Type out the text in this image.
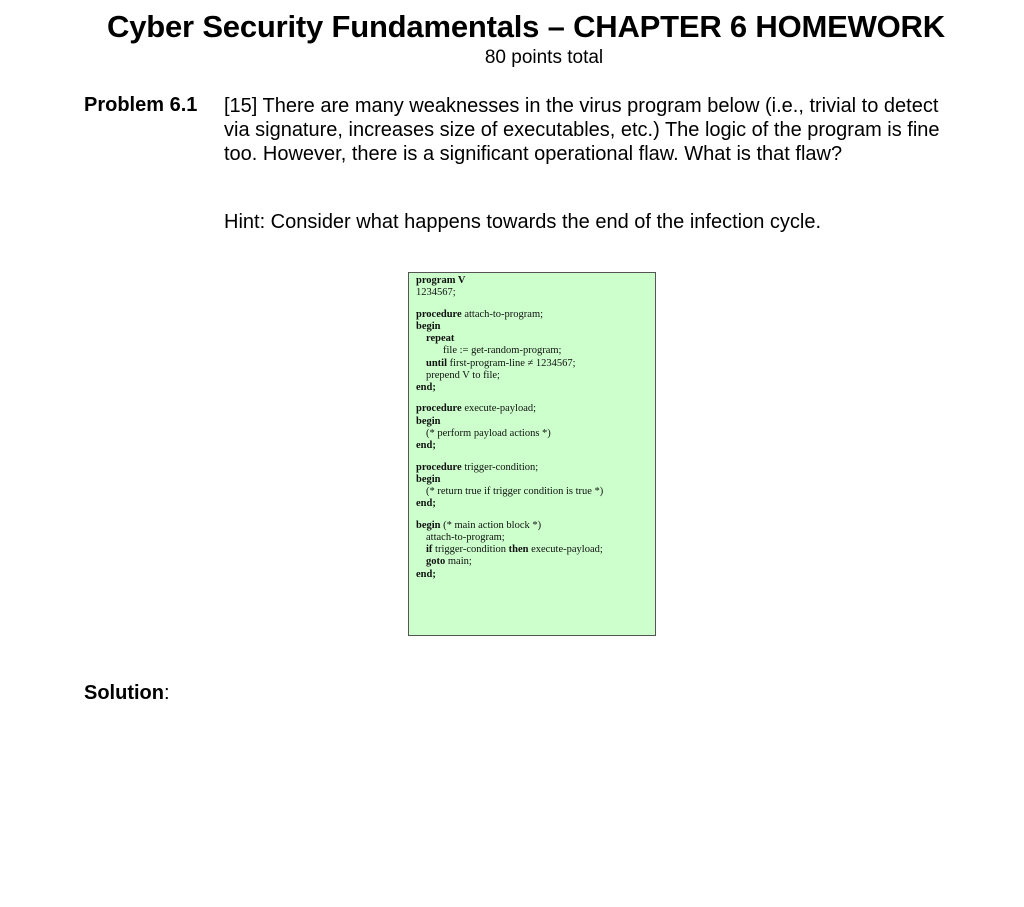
Cyber Security Fundamentals – CHAPTER 6 HOMEWORK
80 points total
Problem 6.1 [15] There are many weaknesses in the virus program below (i.e., trivial to detect via signature, increases size of executables, etc.) The logic of the program is fine too. However, there is a significant operational flaw. What is that flaw?
Hint: Consider what happens towards the end of the infection cycle.
program V
1234567;
procedure attach-to-program;
begin
repeat
file := get-random-program;
until first-program-line ≠ 1234567;
prepend V to file;
end;
procedure execute-payload;
begin
(* perform payload actions *)
end;
procedure trigger-condition;
begin
(* return true if trigger condition is true *)
end;
begin (* main action block *)
attach-to-program;
if trigger-condition then execute-payload;
goto main;
end;
Solution:
